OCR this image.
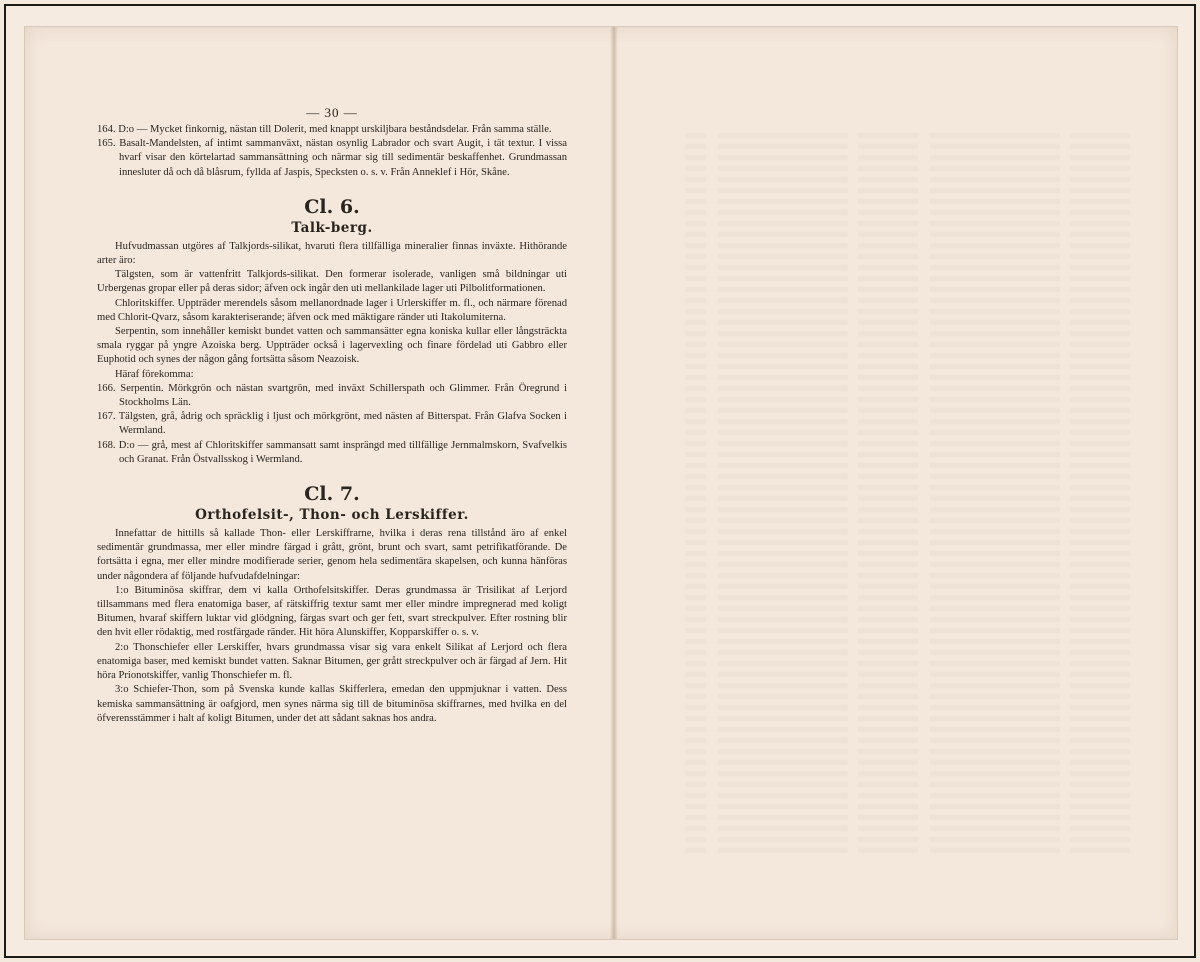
— 30 —

164. D:o — Mycket finkornig, nästan till Dolerit, med knappt urskiljbara beståndsdelar. Från samma ställe.

165. Basalt-Mandelsten, af intimt sammanväxt, nästan osynlig Labrador och svart Augit, i tät textur. I vissa hvarf visar den körtelartad sammansättning och närmar sig till sedimentär beskaffenhet. Grundmassan innesluter då och då blåsrum, fyllda af Jaspis, Specksten o. s. v. Från Anneklef i Hör, Skåne.

Cl. 6.
Talk-berg.

Hufvudmassan utgöres af Talkjords-silikat, hvaruti flera tillfälliga mineralier finnas inväxte. Hithörande arter äro:

Tälgsten, som är vattenfritt Talkjords-silikat. Den formerar isolerade, vanligen små bildningar uti Urbergenas gropar eller på deras sidor; äfven ock ingår den uti mellankilade lager uti Pilbolitformationen.

Chloritskiffer. Uppträder merendels såsom mellanordnade lager i Urlerskiffer m. fl., och närmare förenad med Chlorit-Qvarz, såsom karakteriserande; äfven ock med mäktigare ränder uti Itakolumiterna.

Serpentin, som innehåller kemiskt bundet vatten och sammansätter egna koniska kullar eller långsträckta smala ryggar på yngre Azoiska berg. Uppträder också i lagervexling och finare fördelad uti Gabbro eller Euphotid och synes der någon gång fortsätta såsom Neazoisk.

Häraf förekomma:

166. Serpentin. Mörkgrön och nästan svartgrön, med inväxt Schillerspath och Glimmer. Från Öregrund i Stockholms Län.

167. Tälgsten, grå, ådrig och spräcklig i ljust och mörkgrönt, med nästen af Bitterspat. Från Glafva Socken i Wermland.

168. D:o — grå, mest af Chloritskiffer sammansatt samt insprängd med tillfällige Jernmalmskorn, Svafvelkis och Granat. Från Östvallsskog i Wermland.

Cl. 7.
Orthofelsit-, Thon- och Lerskiffer.

Innefattar de hittills så kallade Thon- eller Lerskiffrarne, hvilka i deras rena tillstånd äro af enkel sedimentär grundmassa, mer eller mindre färgad i grått, grönt, brunt och svart, samt petrifikatförande. De fortsätta i egna, mer eller mindre modifierade serier, genom hela sedimentära skapelsen, och kunna hänföras under någondera af följande hufvudafdelningar:

1:o Bituminösa skiffrar, dem vi kalla Orthofelsitskiffer. Deras grundmassa är Trisilikat af Lerjord tillsammans med flera enatomiga baser, af rätskiffrig textur samt mer eller mindre impregnerad med koligt Bitumen, hvaraf skiffern luktar vid glödgning, färgas svart och ger fett, svart streckpulver. Efter rostning blir den hvit eller rödaktig, med rostfärgade ränder. Hit höra Alunskiffer, Kopparskiffer o. s. v.

2:o Thonschiefer eller Lerskiffer, hvars grundmassa visar sig vara enkelt Silikat af Lerjord och flera enatomiga baser, med kemiskt bundet vatten. Saknar Bitumen, ger grått streckpulver och är färgad af Jern. Hit höra Prionotskiffer, vanlig Thonschiefer m. fl.

3:o Schiefer-Thon, som på Svenska kunde kallas Skifferlera, emedan den uppmjuknar i vatten. Dess kemiska sammansättning är oafgjord, men synes närma sig till de bituminösa skiffrarnes, med hvilka en del öfverensstämmer i halt af koligt Bitumen, under det att sådant saknas hos andra.
